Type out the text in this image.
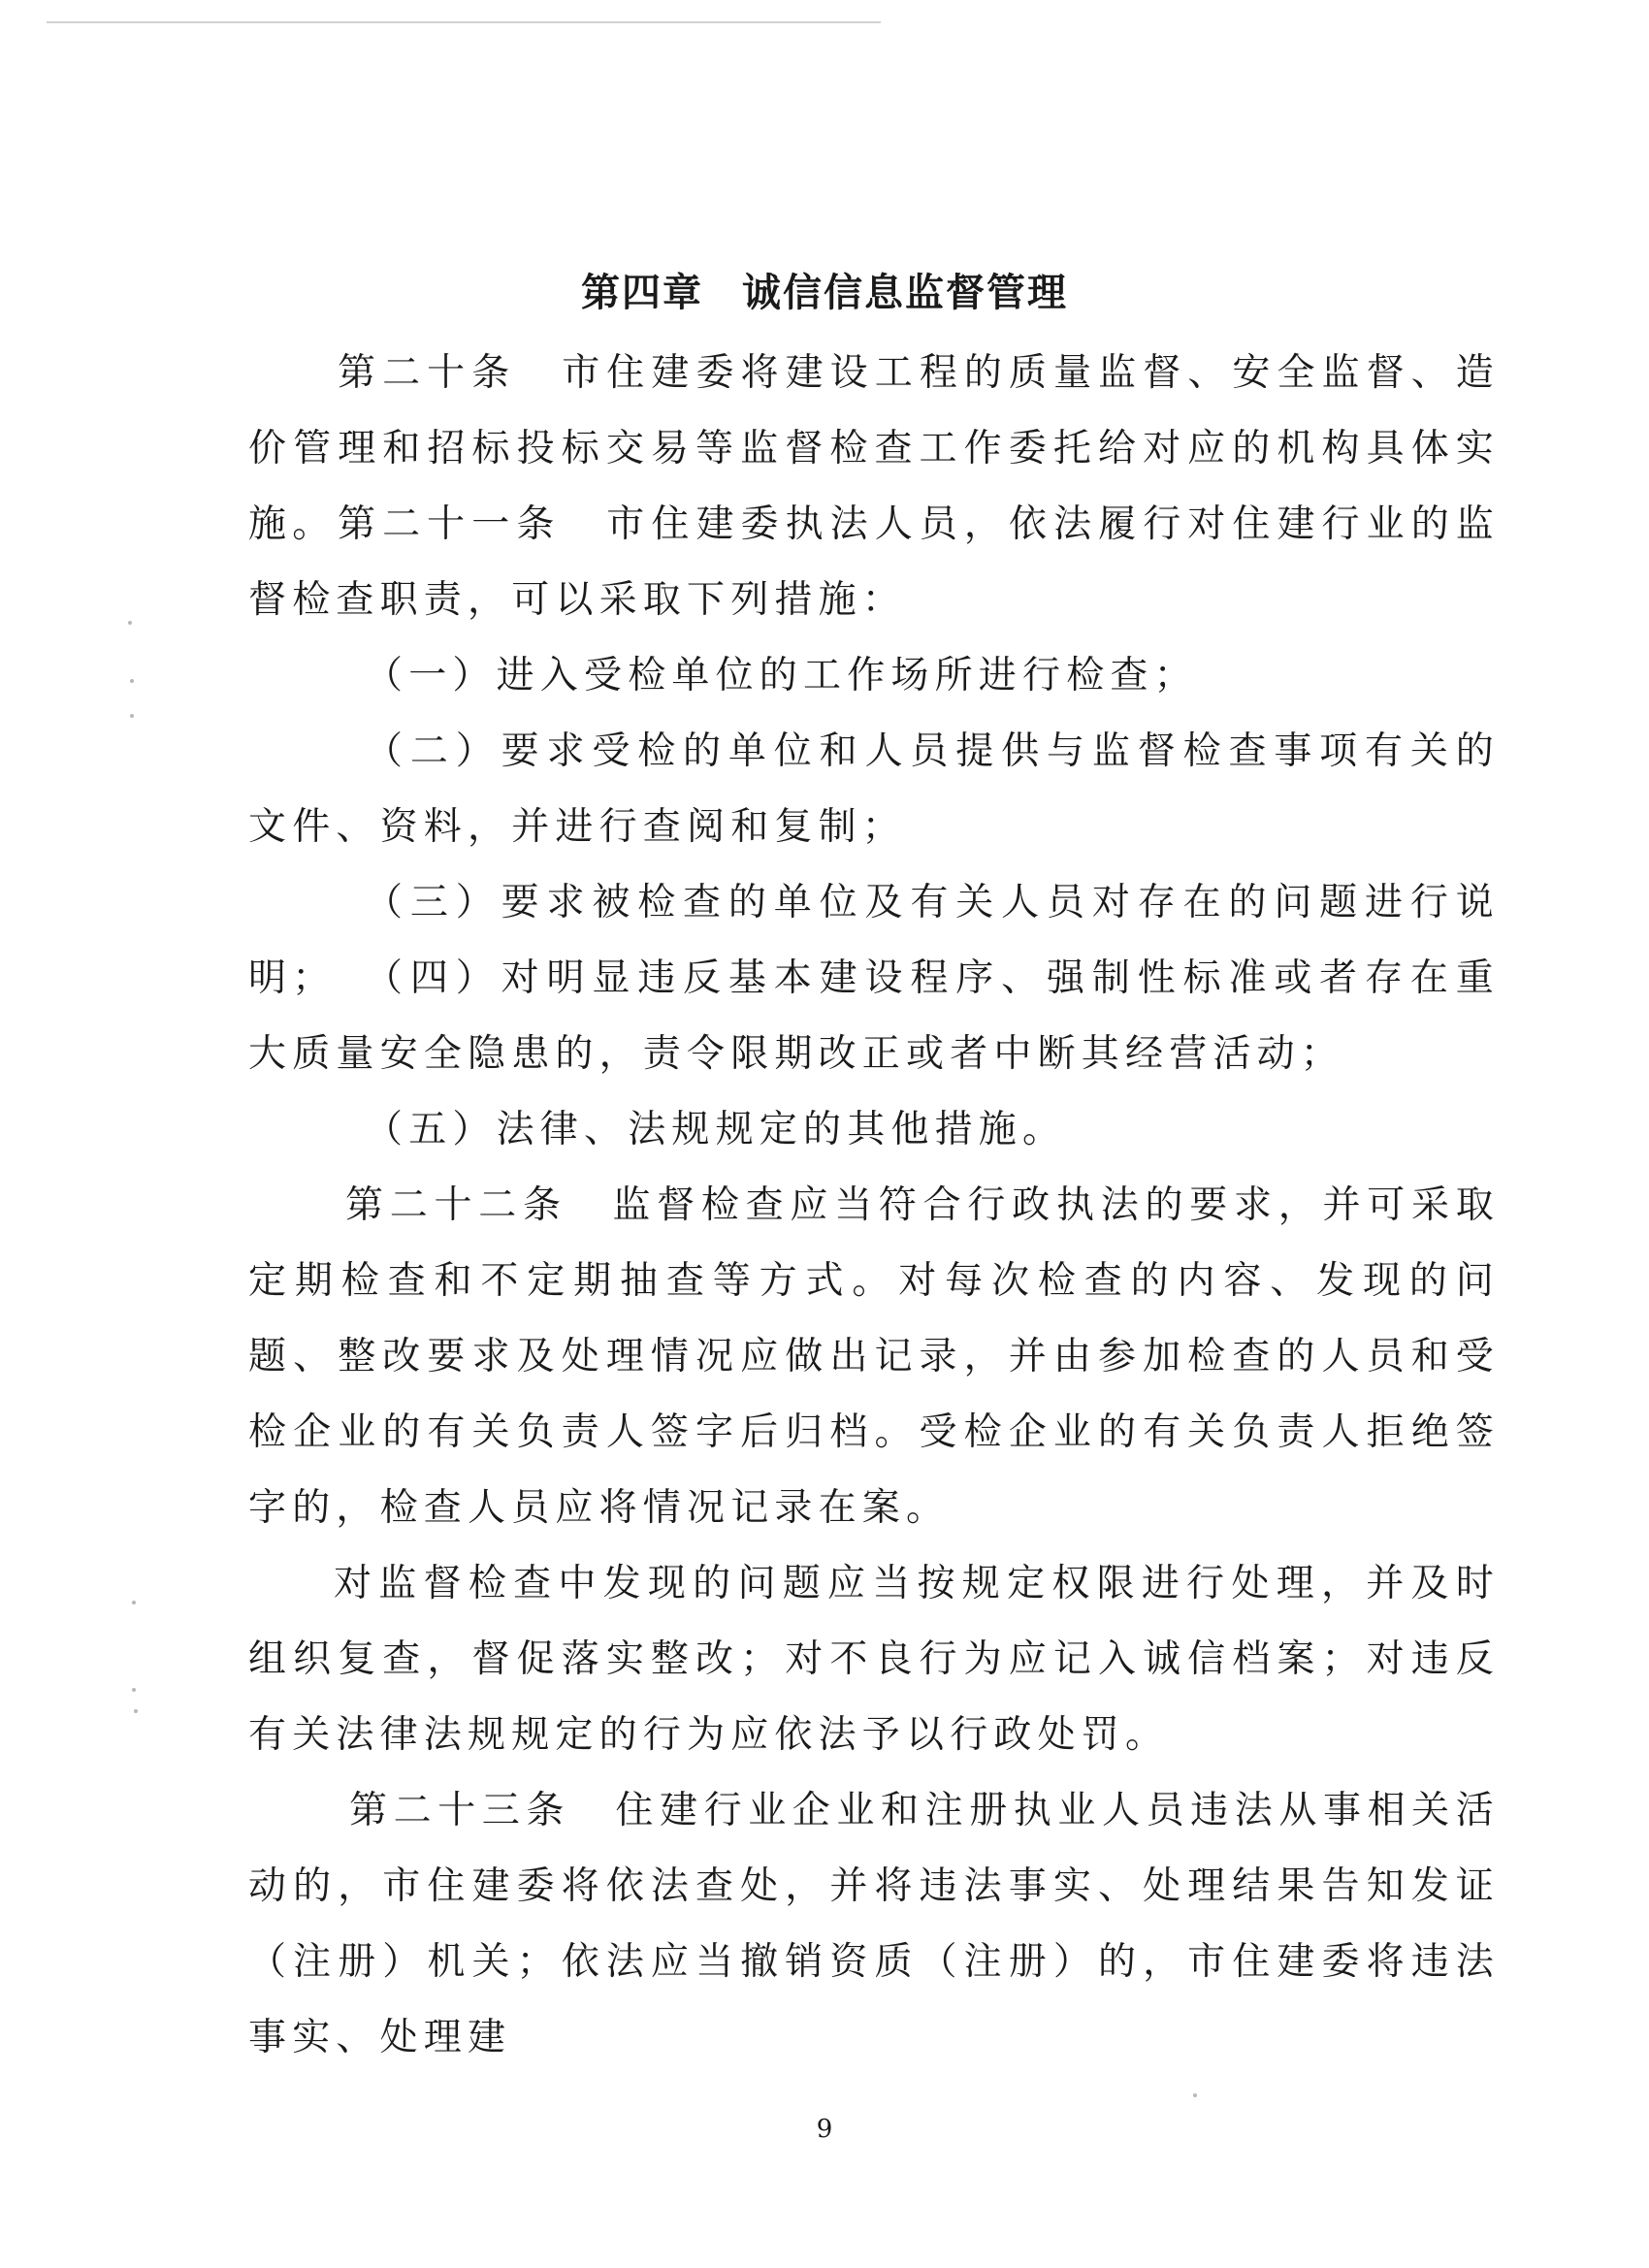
第四章 诚信信息监督管理

第二十条 市住建委将建设工程的质量监督、安全监督、造价管理和招标投标交易等监督检查工作委托给对应的机构具体实施。 第二十一条 市住建委执法人员，依法履行对住建行业的监督检查职责，可以采取下列措施：

（一）进入受检单位的工作场所进行检查；

（二）要求受检的单位和人员提供与监督检查事项有关的文件、资料，并进行查阅和复制；

（三）要求被检查的单位及有关人员对存在的问题进行说明； （四）对明显违反基本建设程序、强制性标准或者存在重大质量安全隐患的，责令限期改正或者中断其经营活动；

（五）法律、法规规定的其他措施。

第二十二条 监督检查应当符合行政执法的要求，并可采取定期检查和不定期抽查等方式。对每次检查的内容、发现的问题、整改要求及处理情况应做出记录，并由参加检查的人员和受检企业的有关负责人签字后归档。受检企业的有关负责人拒绝签字的，检查人员应将情况记录在案。

对监督检查中发现的问题应当按规定权限进行处理，并及时组织复查，督促落实整改；对不良行为应记入诚信档案；对违反有关法律法规规定的行为应依法予以行政处罚。

第二十三条 住建行业企业和注册执业人员违法从事相关活动的，市住建委将依法查处，并将违法事实、处理结果告知发证（注册）机关；依法应当撤销资质（注册）的，市住建委将违法事实、处理建

9
